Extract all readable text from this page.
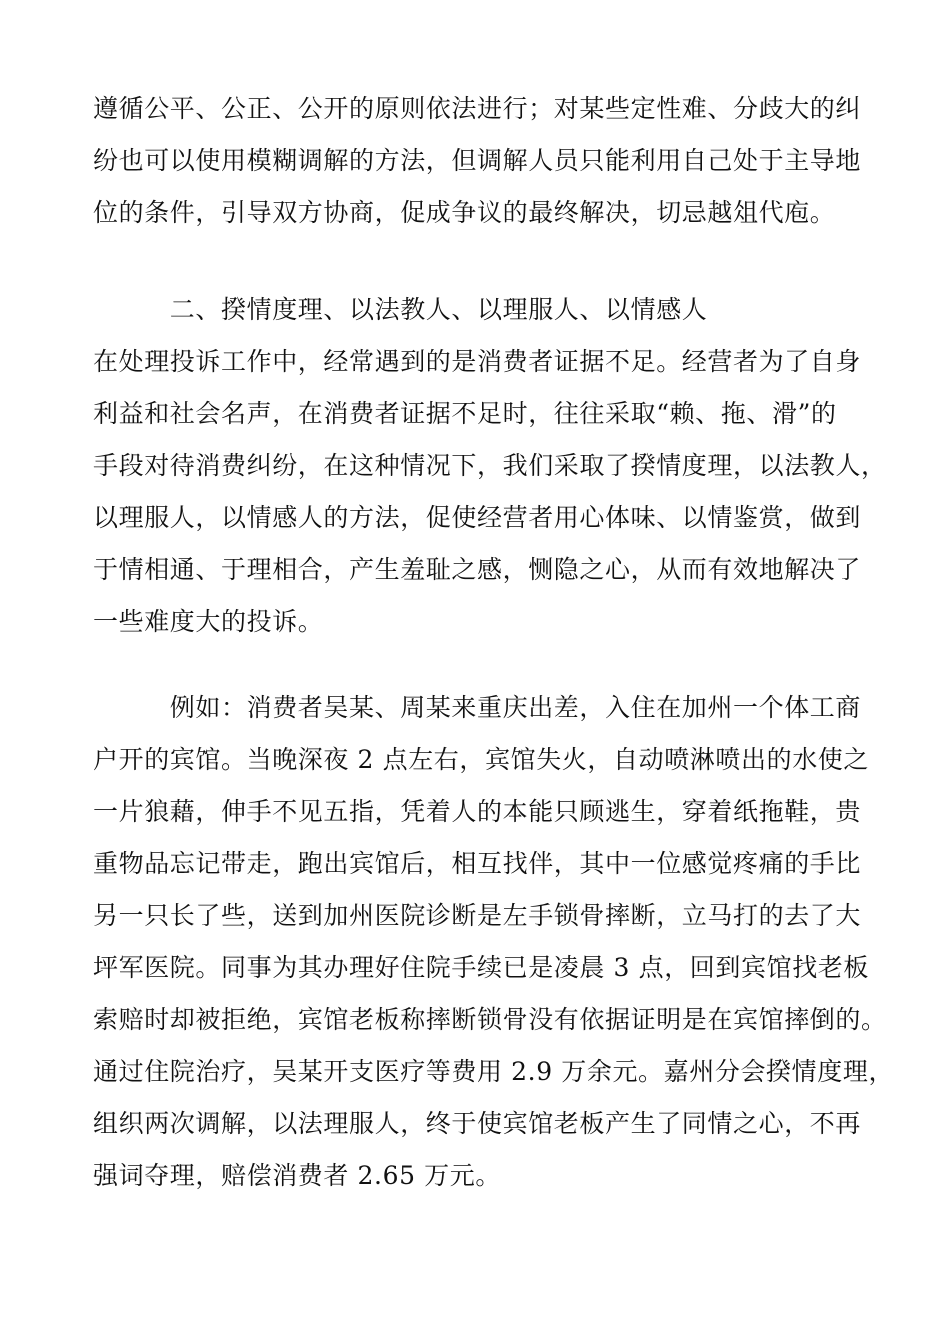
遵循公平、公正、公开的原则依法进行；对某些定性难、分歧大的纠
纷也可以使用模糊调解的方法，但调解人员只能利用自己处于主导地
位的条件，引导双方协商，促成争议的最终解决，切忌越俎代庖。

　　　二、揆情度理、以法教人、以理服人、以情感人

在处理投诉工作中，经常遇到的是消费者证据不足。经营者为了自身
利益和社会名声，在消费者证据不足时，往往采取“赖、拖、滑”的
手段对待消费纠纷，在这种情况下，我们采取了揆情度理，以法教人，
以理服人，以情感人的方法，促使经营者用心体味、以情鉴赏，做到
于情相通、于理相合，产生羞耻之感，恻隐之心，从而有效地解决了
一些难度大的投诉。

　　　例如：消费者吴某、周某来重庆出差，入住在加州一个体工商
户开的宾馆。当晚深夜 2 点左右，宾馆失火，自动喷淋喷出的水使之
一片狼藉，伸手不见五指，凭着人的本能只顾逃生，穿着纸拖鞋，贵
重物品忘记带走，跑出宾馆后，相互找伴，其中一位感觉疼痛的手比
另一只长了些，送到加州医院诊断是左手锁骨摔断，立马打的去了大
坪军医院。同事为其办理好住院手续已是凌晨 3 点，回到宾馆找老板
索赔时却被拒绝，宾馆老板称摔断锁骨没有依据证明是在宾馆摔倒的。
通过住院治疗，吴某开支医疗等费用 2.9 万余元。嘉州分会揆情度理，
组织两次调解，以法理服人，终于使宾馆老板产生了同情之心，不再
强词夺理，赔偿消费者 2.65 万元。
